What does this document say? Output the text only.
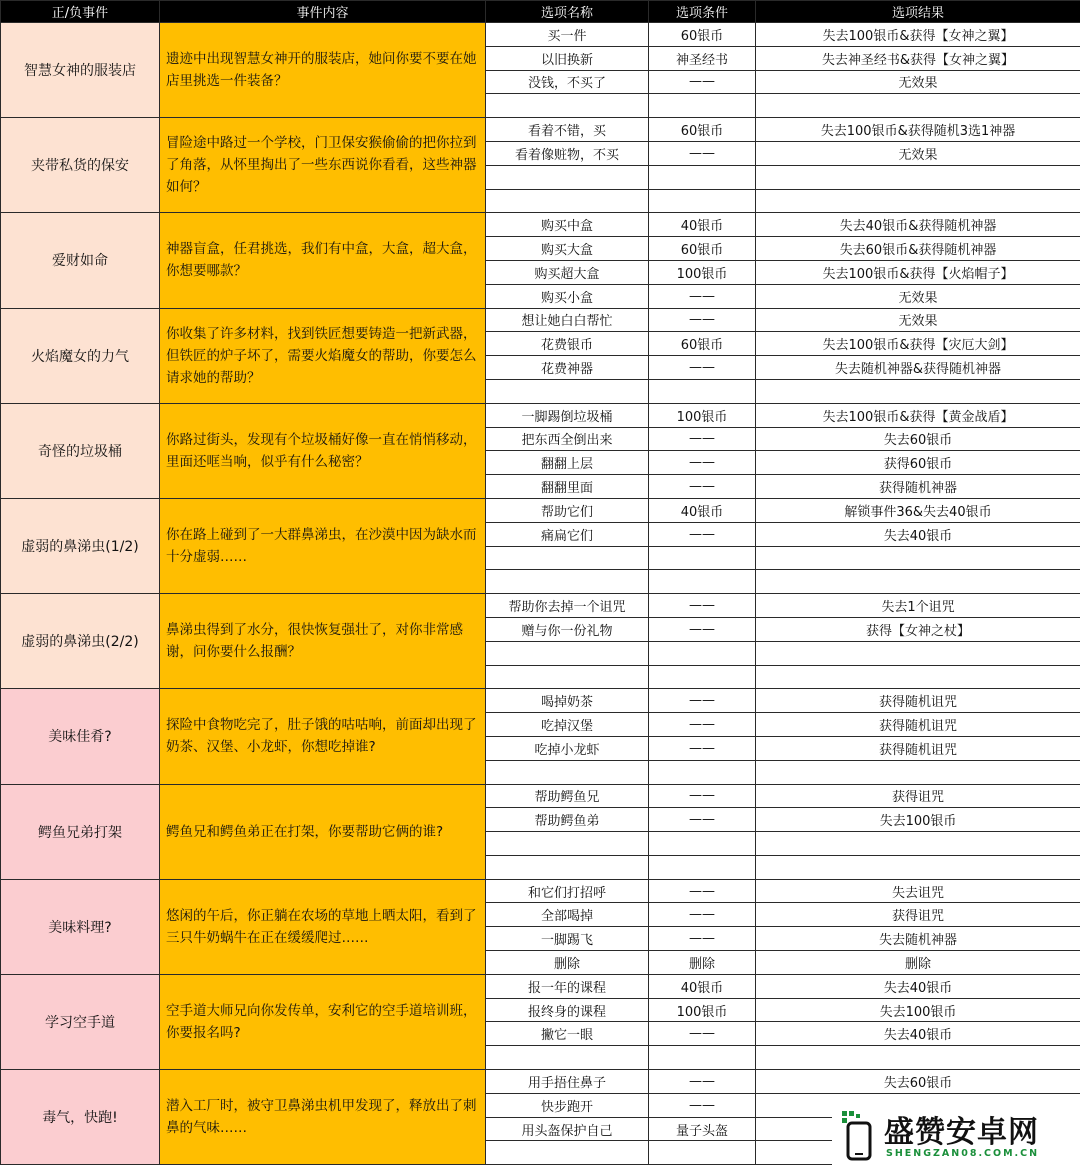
正/负事件	事件内容	选项名称	选项条件	选项结果
智慧女神的服装店	遗迹中出现智慧女神开的服装店，她问你要不要在她店里挑选一件装备？	买一件	60银币	失去100银币&获得【女神之翼】
		以旧换新	神圣经书	失去神圣经书&获得【女神之翼】
		没钱，不买了	——	无效果

夹带私货的保安	冒险途中路过一个学校，门卫保安猴偷偷的把你拉到了角落，从怀里掏出了一些东西说你看看，这些神器如何？	看着不错，买	60银币	失去100银币&获得随机3选1神器
		看着像赃物，不买	——	无效果

爱财如命	神器盲盒，任君挑选，我们有中盒，大盒，超大盒，你想要哪款？	购买中盒	40银币	失去40银币&获得随机神器
		购买大盒	60银币	失去60银币&获得随机神器
		购买超大盒	100银币	失去100银币&获得【火焰帽子】
		购买小盒	——	无效果
火焰魔女的力气	你收集了许多材料，找到铁匠想要铸造一把新武器，但铁匠的炉子坏了，需要火焰魔女的帮助，你要怎么请求她的帮助？	想让她白白帮忙	——	无效果
		花费银币	60银币	失去100银币&获得【灾厄大剑】
		花费神器	——	失去随机神器&获得随机神器

奇怪的垃圾桶	你路过街头，发现有个垃圾桶好像一直在悄悄移动，里面还哐当响，似乎有什么秘密？	一脚踢倒垃圾桶	100银币	失去100银币&获得【黄金战盾】
		把东西全倒出来	——	失去60银币
		翻翻上层	——	获得60银币
		翻翻里面	——	获得随机神器
虚弱的鼻涕虫(1/2)	你在路上碰到了一大群鼻涕虫，在沙漠中因为缺水而十分虚弱……	帮助它们	40银币	解锁事件36&失去40银币
		痛扁它们	——	失去40银币

虚弱的鼻涕虫(2/2)	鼻涕虫得到了水分，很快恢复强壮了，对你非常感谢，问你要什么报酬？	帮助你去掉一个诅咒	——	失去1个诅咒
		赠与你一份礼物	——	获得【女神之杖】

美味佳肴?	探险中食物吃完了，肚子饿的咕咕响，前面却出现了奶茶、汉堡、小龙虾，你想吃掉谁?	喝掉奶茶	——	获得随机诅咒
		吃掉汉堡	——	获得随机诅咒
		吃掉小龙虾	——	获得随机诅咒

鳄鱼兄弟打架	鳄鱼兄和鳄鱼弟正在打架，你要帮助它俩的谁?	帮助鳄鱼兄	——	获得诅咒
		帮助鳄鱼弟	——	失去100银币

美味料理?	悠闲的午后，你正躺在农场的草地上晒太阳，看到了三只牛奶蜗牛在正在缓缓爬过……	和它们打招呼	——	失去诅咒
		全部喝掉	——	获得诅咒
		一脚踢飞	——	失去随机神器
		删除	删除	删除
学习空手道	空手道大师兄向你发传单，安利它的空手道培训班，你要报名吗?	报一年的课程	40银币	失去40银币
		报终身的课程	100银币	失去100银币
		撇它一眼	——	失去40银币

毒气，快跑!	潜入工厂时，被守卫鼻涕虫机甲发现了，释放出了刺鼻的气味……	用手捂住鼻子	——	失去60银币
		快步跑开	——	
		用头盔保护自己	量子头盔	
			盛赞安卓网
SHENGZAN08.COM.CN
